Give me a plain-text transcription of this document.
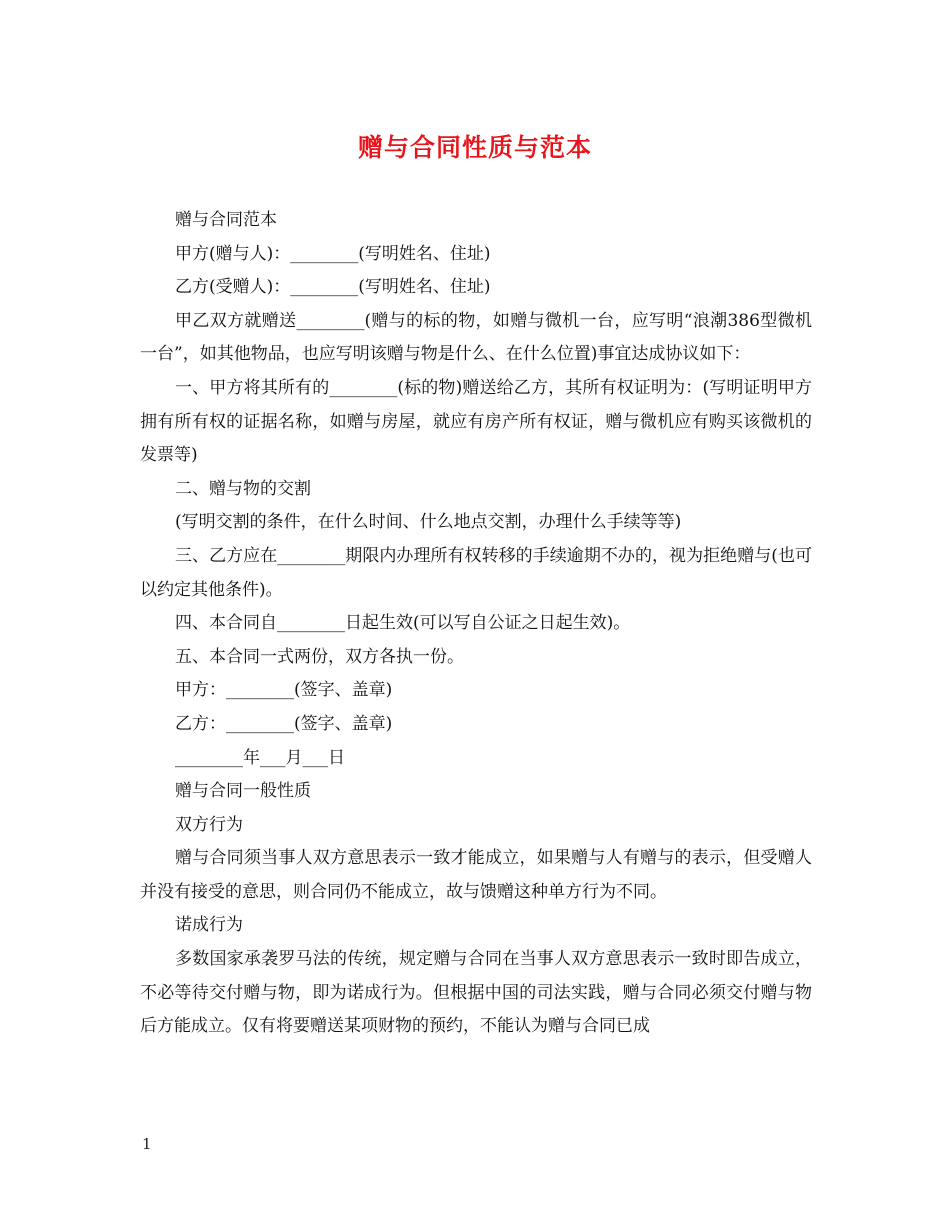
赠与合同性质与范本

赠与合同范本

甲方(赠与人)：________(写明姓名、住址)

乙方(受赠人)：________(写明姓名、住址)

甲乙双方就赠送________(赠与的标的物，如赠与微机一台，应写明“浪潮386型微机一台”，如其他物品，也应写明该赠与物是什么、在什么位置)事宜达成协议如下：

一、甲方将其所有的________(标的物)赠送给乙方，其所有权证明为：(写明证明甲方拥有所有权的证据名称，如赠与房屋，就应有房产所有权证，赠与微机应有购买该微机的发票等)

二、赠与物的交割

(写明交割的条件，在什么时间、什么地点交割，办理什么手续等等)

三、乙方应在________期限内办理所有权转移的手续逾期不办的，视为拒绝赠与(也可以约定其他条件)。

四、本合同自________日起生效(可以写自公证之日起生效)。

五、本合同一式两份，双方各执一份。

甲方：________(签字、盖章)

乙方：________(签字、盖章)

________年___月___日

赠与合同一般性质

双方行为

赠与合同须当事人双方意思表示一致才能成立，如果赠与人有赠与的表示，但受赠人并没有接受的意思，则合同仍不能成立，故与馈赠这种单方行为不同。

诺成行为

多数国家承袭罗马法的传统，规定赠与合同在当事人双方意思表示一致时即告成立，不必等待交付赠与物，即为诺成行为。但根据中国的司法实践，赠与合同必须交付赠与物后方能成立。仅有将要赠送某项财物的预约，不能认为赠与合同已成

1
